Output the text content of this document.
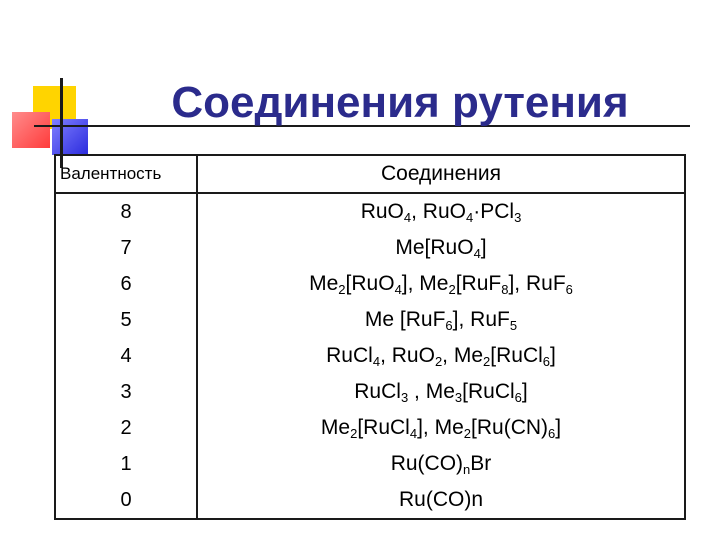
Соединения рутения
Валентность	Соединения
8	RuO$_4$, RuO$_4$·PCl$_3$
7	Me[RuO$_4$]
6	$Me_2[RuO_4]$, $Me_2[RuF_8]$, RuF$_6$
5	Me [RuF$_6$], RuF$_5$
4	RuCl$_4$, RuO$_2$, $Me_2[RuCl_6]$
3	RuCl$_3$ , $Me_3[RuCl_6]$
2	$Me_2[RuCl_4]$, $Me_2[Ru(CN)_6]$
1	$Ru(CO)_nBr$
0	Ru(CO)n
